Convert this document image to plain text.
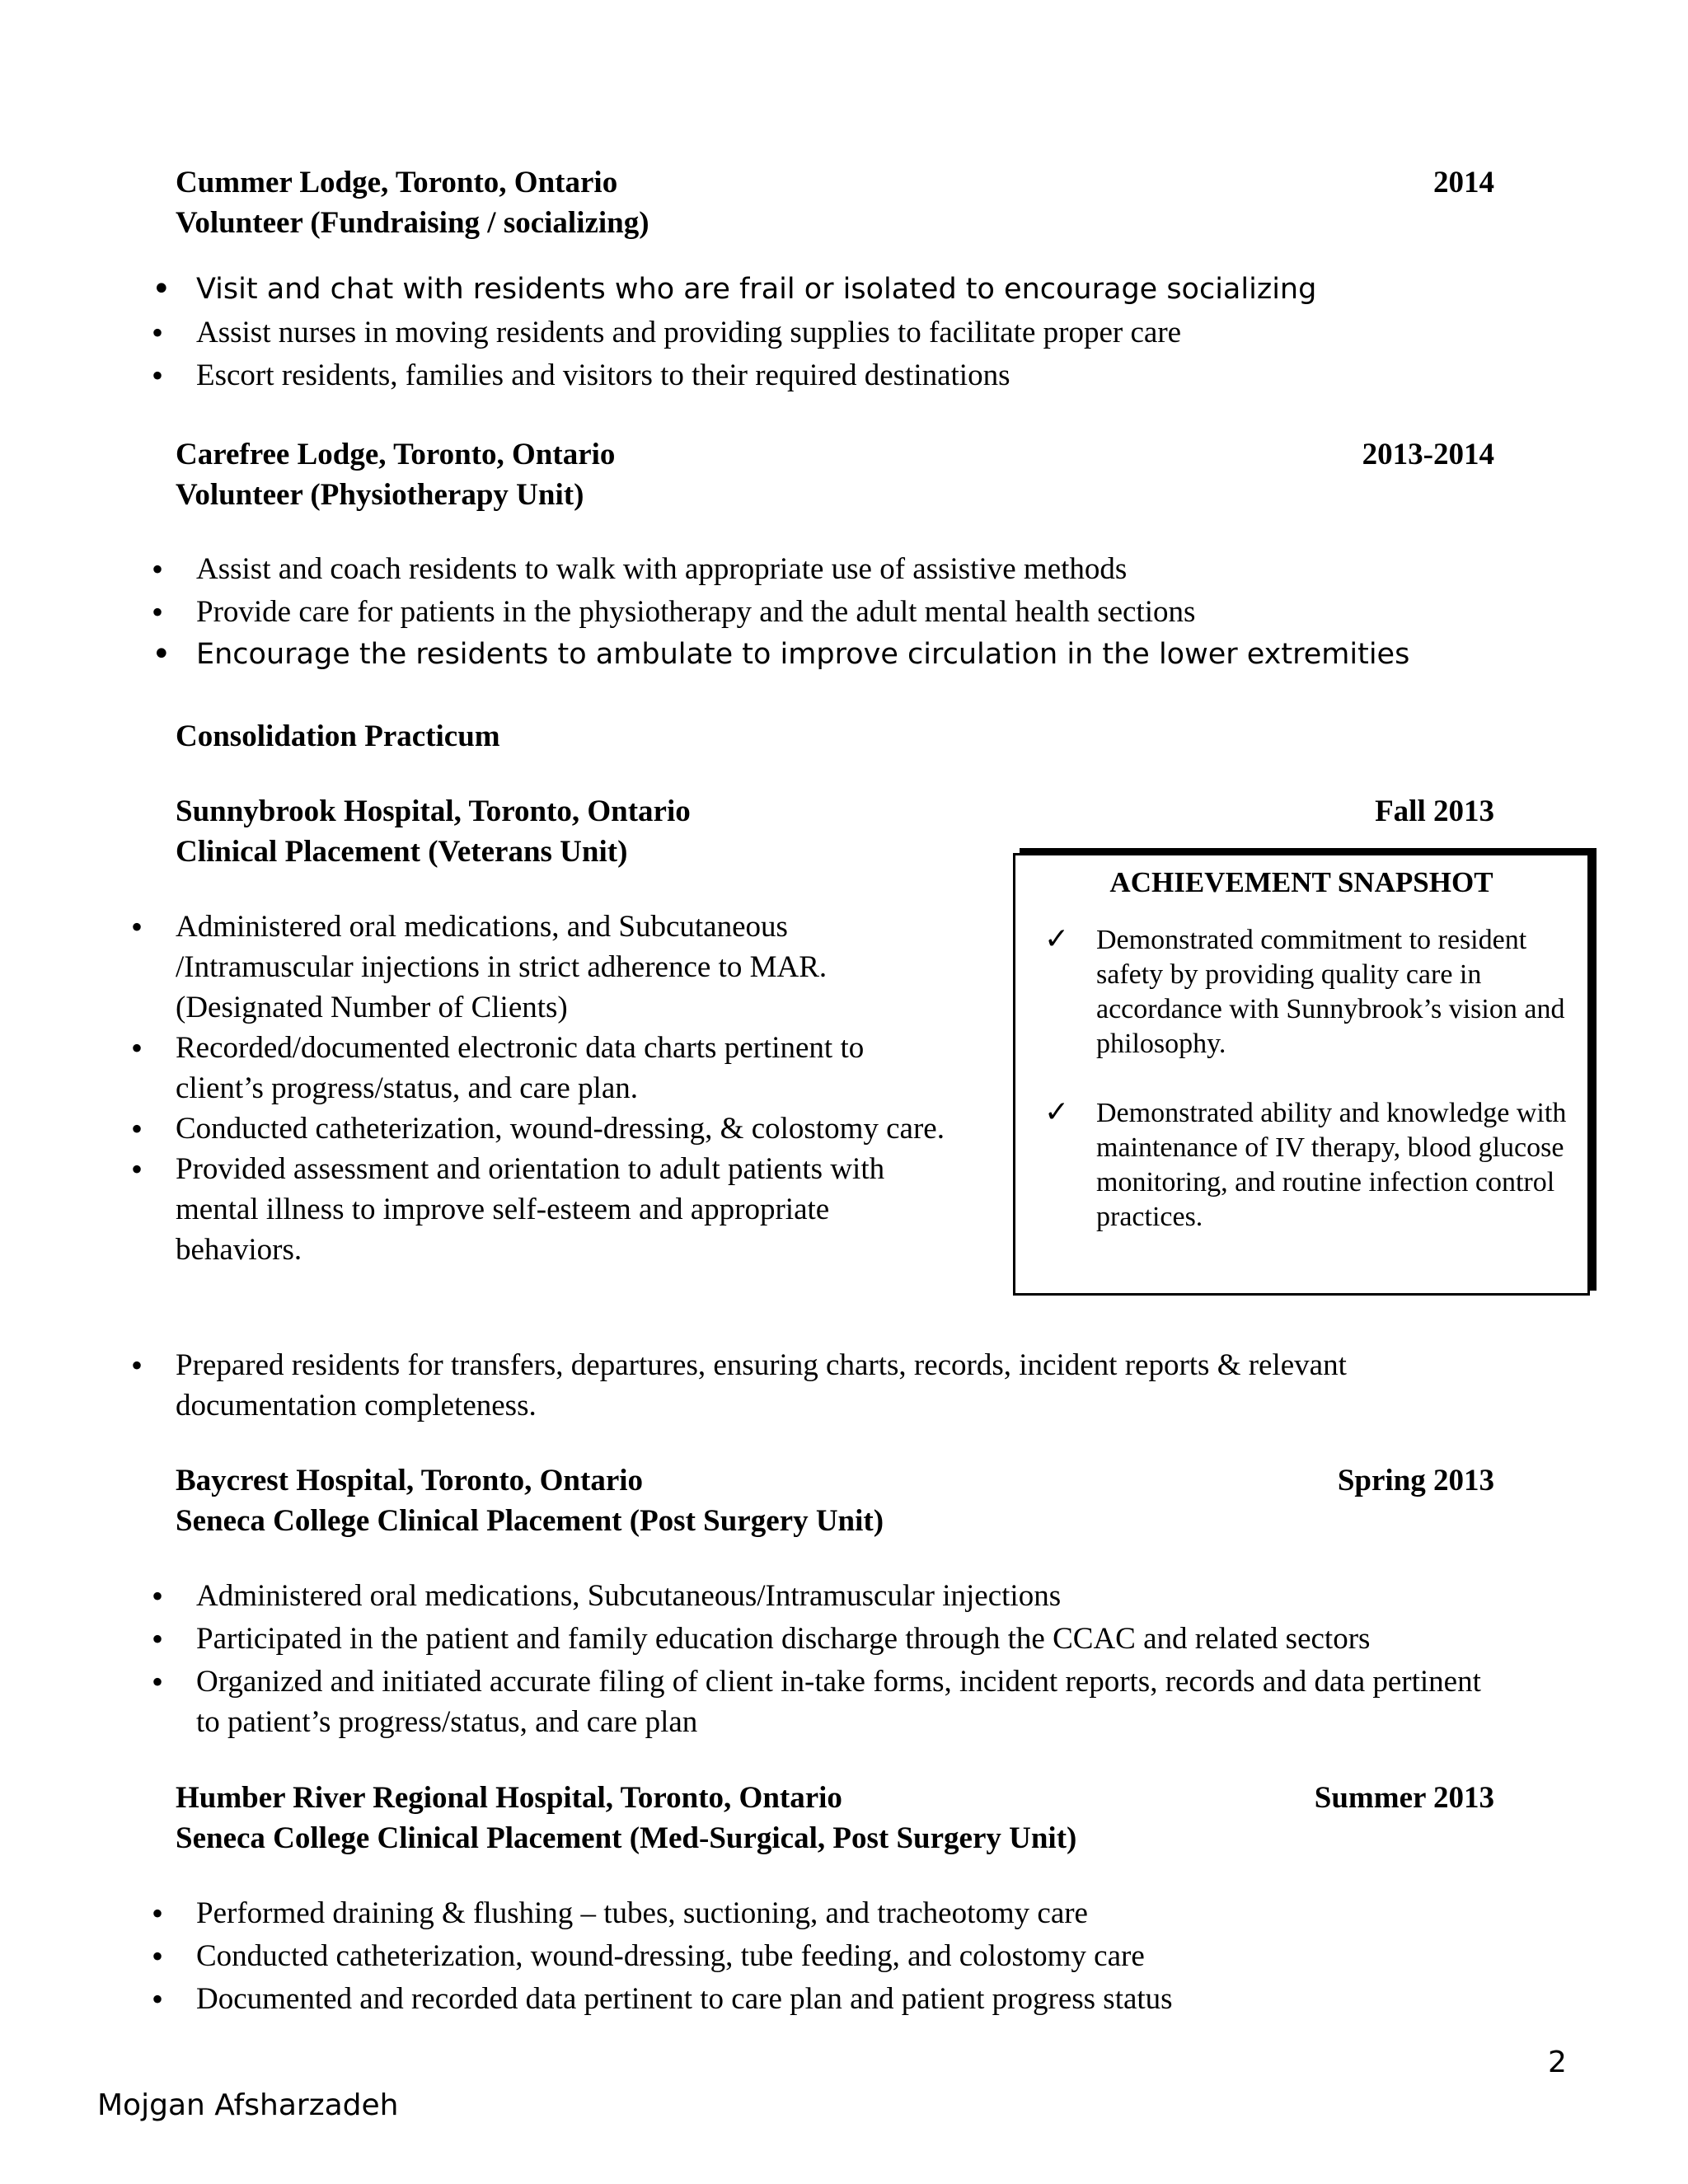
Cummer Lodge, Toronto, Ontario	2014
Volunteer (Fundraising / socializing)
• Visit and chat with residents who are frail or isolated to encourage socializing
• Assist nurses in moving residents and providing supplies to facilitate proper care
• Escort residents, families and visitors to their required destinations
Carefree Lodge, Toronto, Ontario	2013-2014
Volunteer (Physiotherapy Unit)
• Assist and coach residents to walk with appropriate use of assistive methods
• Provide care for patients in the physiotherapy and the adult mental health sections
• Encourage the residents to ambulate to improve circulation in the lower extremities
Consolidation Practicum
Sunnybrook Hospital, Toronto, Ontario	Fall 2013
Clinical Placement (Veterans Unit)
• Administered oral medications, and Subcutaneous /Intramuscular injections in strict adherence to MAR. (Designated Number of Clients)
• Recorded/documented electronic data charts pertinent to client’s progress/status, and care plan.
• Conducted catheterization, wound-dressing, & colostomy care.
• Provided assessment and orientation to adult patients with mental illness to improve self-esteem and appropriate behaviors.
• Prepared residents for transfers, departures, ensuring charts, records, incident reports & relevant documentation completeness.
ACHIEVEMENT SNAPSHOT
✓ Demonstrated commitment to resident safety by providing quality care in accordance with Sunnybrook’s vision and philosophy.
✓ Demonstrated ability and knowledge with maintenance of IV therapy, blood glucose monitoring, and routine infection control practices.
Baycrest Hospital, Toronto, Ontario	Spring 2013
Seneca College Clinical Placement (Post Surgery Unit)
• Administered oral medications, Subcutaneous/Intramuscular injections
• Participated in the patient and family education discharge through the CCAC and related sectors
• Organized and initiated accurate filing of client in-take forms, incident reports, records and data pertinent to patient’s progress/status, and care plan
Humber River Regional Hospital, Toronto, Ontario	Summer 2013
Seneca College Clinical Placement (Med-Surgical, Post Surgery Unit)
• Performed draining & flushing – tubes, suctioning, and tracheotomy care
• Conducted catheterization, wound-dressing, tube feeding, and colostomy care
• Documented and recorded data pertinent to care plan and patient progress status
2
Mojgan Afsharzadeh
